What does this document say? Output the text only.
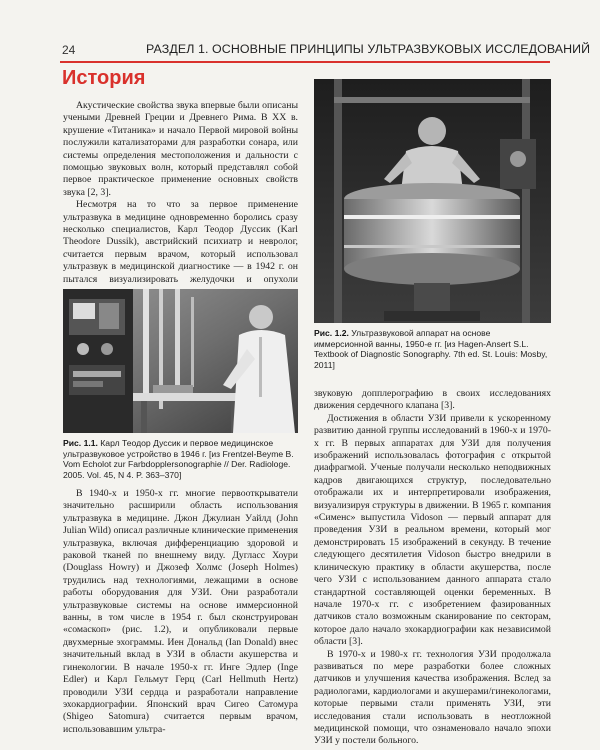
24	РАЗДЕЛ 1. ОСНОВНЫЕ ПРИНЦИПЫ УЛЬТРАЗВУКОВЫХ ИССЛЕДОВАНИЙ
История

Акустические свойства звука впервые были описаны учеными Древней Греции и Древнего Рима. В XX в. крушение «Титаника» и начало Первой мировой войны послужили катализаторами для разработки сонара, или системы определения местоположения и дальности с помощью звуковых волн, который представлял собой первое практическое применение основных свойств звука [2, 3].

Несмотря на то что за первое применение ультразвука в медицине одновременно боролись сразу несколько специалистов, Карл Теодор Дуссик (Karl Theodore Dussik), австрийский психиатр и невролог, считается первым врачом, который использовал ультразвук в медицинской диагностике — в 1942 г. он пытался визуализировать желудочки и опухоли

Рис. 1.1. Карл Теодор Дуссик и первое медицинское ультразвуковое устройство в 1946 г. [из Frentzel-Beyme B. Vom Echolot zur Farbdopplersonographie // Der. Radiologe. 2005. Vol. 45, N 4. P. 363–370]

В 1940-х и 1950-х гг. многие первооткрыватели значительно расширили область использования ультразвука в медицине. Джон Джулиан Уайлд (John Julian Wild) описал различные клинические применения ультразвука, включая дифференциацию здоровой и раковой тканей по внешнему виду. Дугласс Хоури (Douglass Howry) и Джозеф Холмс (Joseph Holmes) трудились над технологиями, лежащими в основе работы оборудования для УЗИ. Они разработали ультразвуковые системы на основе иммерсионной ванны, в том числе в 1954 г. был сконструирован «сомаскоп» (рис. 1.2), и опубликовали первые двухмерные эхограммы. Иен Дональд (Ian Donald) внес значительный вклад в УЗИ в области акушерства и гинекологии. В начале 1950-х гг. Инге Эдлер (Inge Edler) и Карл Гельмут Герц (Carl Hellmuth Hertz) проводили УЗИ сердца и разработали направление эхокардиографии. Японский врач Сигео Сатомура (Shigeo Satomura) считается первым врачом, использовавшим ультра-

Рис. 1.2. Ультразвуковой аппарат на основе иммерсионной ванны, 1950-е гг. [из Hagen-Ansert S.L. Textbook of Diagnostic Sonography. 7th ed. St. Louis: Mosby, 2011]

звуковую допплерографию в своих исследованиях движения сердечного клапана [3].

Достижения в области УЗИ привели к ускоренному развитию данной группы исследований в 1960-х и 1970-х гг. В первых аппаратах для УЗИ для получения изображений использовалась фотография с открытой диафрагмой. Ученые получали несколько неподвижных кадров двигающихся структур, последовательно отображали их и интерпретировали изображения, визуализируя структуры в движении. В 1965 г. компания «Сименс» выпустила Vidoson — первый аппарат для проведения УЗИ в реальном времени, который мог демонстрировать 15 изображений в секунду. В течение следующего десятилетия Vidoson быстро внедрили в клиническую практику в области акушерства, после чего УЗИ с использованием данного аппарата стало стандартной составляющей оценки беременных. В начале 1970-х гг. с изобретением фазированных датчиков стало возможным сканирование по секторам, которое дало начало эхокардиографии как независимой области [3].

В 1970-х и 1980-х гг. технология УЗИ продолжала развиваться по мере разработки более сложных датчиков и улучшения качества изображения. Вслед за радиологами, кардиологами и акушерами/гинекологами, которые первыми стали применять УЗИ, эти исследования стали использовать в неотложной медицинской помощи, что ознаменовало начало эпохи УЗИ у постели больного.
